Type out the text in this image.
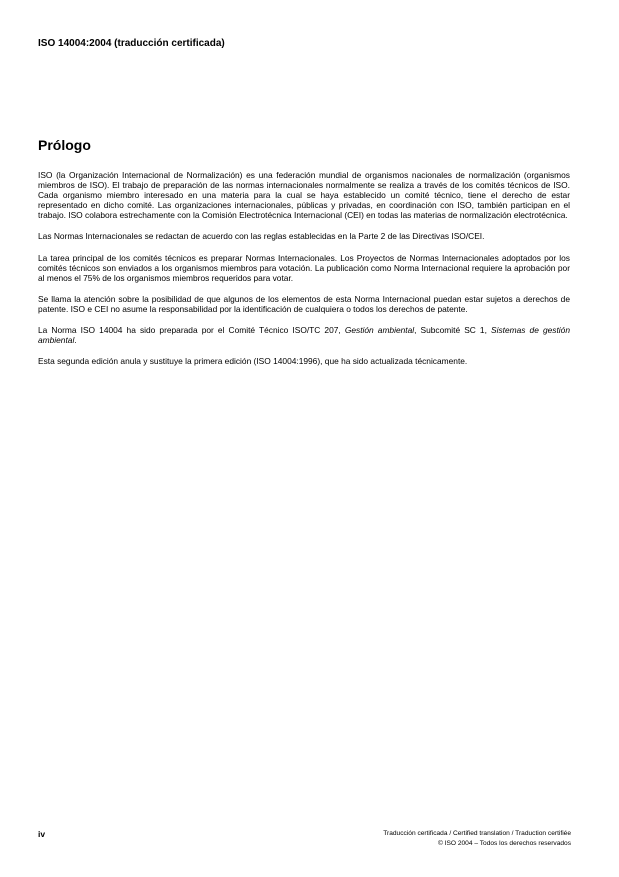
ISO 14004:2004 (traducción certificada)
Prólogo

ISO (la Organización Internacional de Normalización) es una federación mundial de organismos nacionales de normalización (organismos miembros de ISO). El trabajo de preparación de las normas internacionales normalmente se realiza a través de los comités técnicos de ISO. Cada organismo miembro interesado en una materia para la cual se haya establecido un comité técnico, tiene el derecho de estar representado en dicho comité. Las organizaciones internacionales, públicas y privadas, en coordinación con ISO, también participan en el trabajo. ISO colabora estrechamente con la Comisión Electrotécnica Internacional (CEI) en todas las materias de normalización electrotécnica.

Las Normas Internacionales se redactan de acuerdo con las reglas establecidas en la Parte 2 de las Directivas ISO/CEI.

La tarea principal de los comités técnicos es preparar Normas Internacionales. Los Proyectos de Normas Internacionales adoptados por los comités técnicos son enviados a los organismos miembros para votación. La publicación como Norma Internacional requiere la aprobación por al menos el 75% de los organismos miembros requeridos para votar.

Se llama la atención sobre la posibilidad de que algunos de los elementos de esta Norma Internacional puedan estar sujetos a derechos de patente. ISO e CEI no asume la responsabilidad por la identificación de cualquiera o todos los derechos de patente.

La Norma ISO 14004 ha sido preparada por el Comité Técnico ISO/TC 207, Gestión ambiental, Subcomité SC 1, Sistemas de gestión ambiental.

Esta segunda edición anula y sustituye la primera edición (ISO 14004:1996), que ha sido actualizada técnicamente.

iv	Traducción certificada / Certified translation / Traduction certifiée
© ISO 2004 – Todos los derechos reservados
